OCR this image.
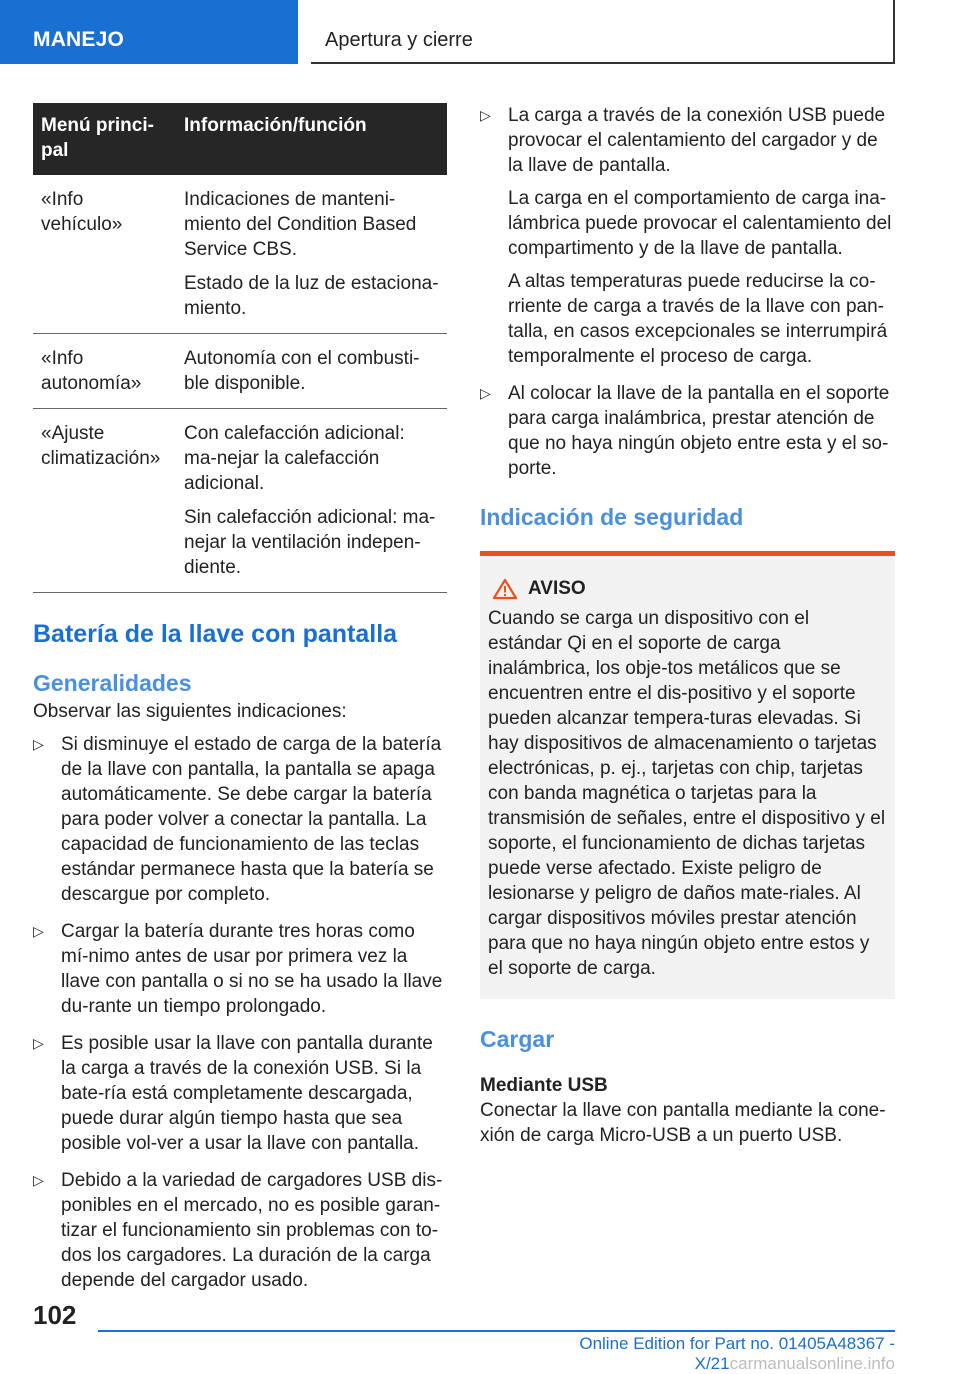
MANEJO	Apertura y cierre
Menú princi-pal	Información/función
«Info vehículo»	Indicaciones de manteni-miento del Condition Based Service CBS.

Estado de la luz de estaciona-miento.

«Info autonomía»	Autonomía con el combusti-ble disponible.

«Ajuste climatización»	Con calefacción adicional: ma-nejar la calefacción adicional.

Sin calefacción adicional: ma-nejar la ventilación indepen-diente.

Batería de la llave con pantalla
Generalidades

Observar las siguientes indicaciones:

▷ Si disminuye el estado de carga de la batería de la llave con pantalla, la pantalla se apaga automáticamente. Se debe cargar la batería para poder volver a conectar la pantalla. La capacidad de funcionamiento de las teclas estándar permanece hasta que la batería se descargue por completo.
▷ Cargar la batería durante tres horas como mí-nimo antes de usar por primera vez la llave con pantalla o si no se ha usado la llave du-rante un tiempo prolongado.
▷ Es posible usar la llave con pantalla durante la carga a través de la conexión USB. Si la bate-ría está completamente descargada, puede durar algún tiempo hasta que sea posible vol-ver a usar la llave con pantalla.
▷ Debido a la variedad de cargadores USB dis-ponibles en el mercado, no es posible garan-tizar el funcionamiento sin problemas con to-dos los cargadores. La duración de la carga depende del cargador usado.
▷ La carga a través de la conexión USB puede provocar el calentamiento del cargador y de la llave de pantalla.

La carga en el comportamiento de carga ina-lámbrica puede provocar el calentamiento del compartimento y de la llave de pantalla.

A altas temperaturas puede reducirse la co-rriente de carga a través de la llave con pan-talla, en casos excepcionales se interrumpirá temporalmente el proceso de carga.

▷ Al colocar la llave de la pantalla en el soporte para carga inalámbrica, prestar atención de que no haya ningún objeto entre esta y el so-porte.
Indicación de seguridad
AVISO

Cuando se carga un dispositivo con el estándar Qi en el soporte de carga inalámbrica, los obje-tos metálicos que se encuentren entre el dis-positivo y el soporte pueden alcanzar tempera-turas elevadas. Si hay dispositivos de almacenamiento o tarjetas electrónicas, p. ej., tarjetas con chip, tarjetas con banda magnética o tarjetas para la transmisión de señales, entre el dispositivo y el soporte, el funcionamiento de dichas tarjetas puede verse afectado. Existe peligro de lesionarse y peligro de daños mate-riales. Al cargar dispositivos móviles prestar atención para que no haya ningún objeto entre estos y el soporte de carga.

Cargar
Mediante USB

Conectar la llave con pantalla mediante la cone-xión de carga Micro-USB a un puerto USB.

102
Online Edition for Part no. 01405A48367 - X/21carmanualsonline.info
